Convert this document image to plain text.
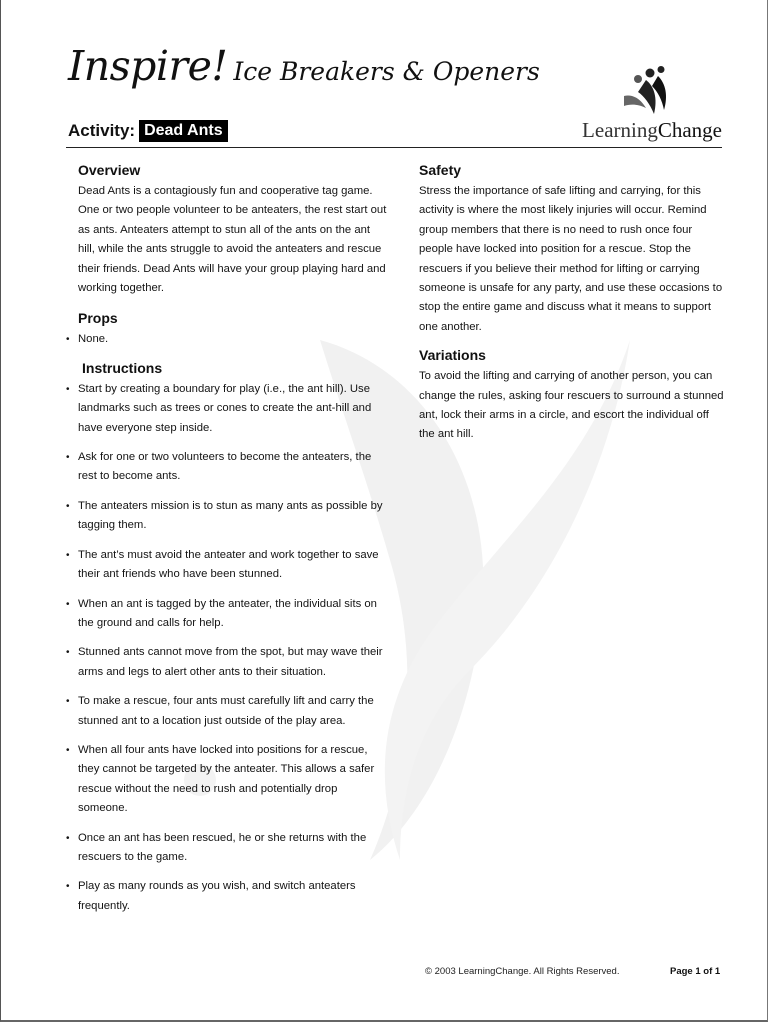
Inspire! Ice Breakers & Openers
LearningChange
Activity: Dead Ants
Overview

Dead Ants is a contagiously fun and cooperative tag game. One or two people volunteer to be anteaters, the rest start out as ants. Anteaters attempt to stun all of the ants on the ant hill, while the ants struggle to avoid the anteaters and rescue their friends. Dead Ants will have your group playing hard and working together.

Props
• None.
Instructions
• Start by creating a boundary for play (i.e., the ant hill). Use landmarks such as trees or cones to create the ant-hill and have everyone step inside.
• Ask for one or two volunteers to become the anteaters, the rest to become ants.
• The anteaters mission is to stun as many ants as possible by tagging them.
• The ant’s must avoid the anteater and work together to save their ant friends who have been stunned.
• When an ant is tagged by the anteater, the individual sits on the ground and calls for help.
• Stunned ants cannot move from the spot, but may wave their arms and legs to alert other ants to their situation.
• To make a rescue, four ants must carefully lift and carry the stunned ant to a location just outside of the play area.
• When all four ants have locked into positions for a rescue, they cannot be targeted by the anteater. This allows a safer rescue without the need to rush and potentially drop someone.
• Once an ant has been rescued, he or she returns with the rescuers to the game.
• Play as many rounds as you wish, and switch anteaters frequently.
Safety

Stress the importance of safe lifting and carrying, for this activity is where the most likely injuries will occur. Remind group members that there is no need to rush once four people have locked into position for a rescue. Stop the rescuers if you believe their method for lifting or carrying someone is unsafe for any party, and use these occasions to stop the entire game and discuss what it means to support one another.

Variations

To avoid the lifting and carrying of another person, you can change the rules, asking four rescuers to surround a stunned ant, lock their arms in a circle, and escort the individual off the ant hill.

© 2003 LearningChange. All Rights Reserved.	Page 1 of 1
